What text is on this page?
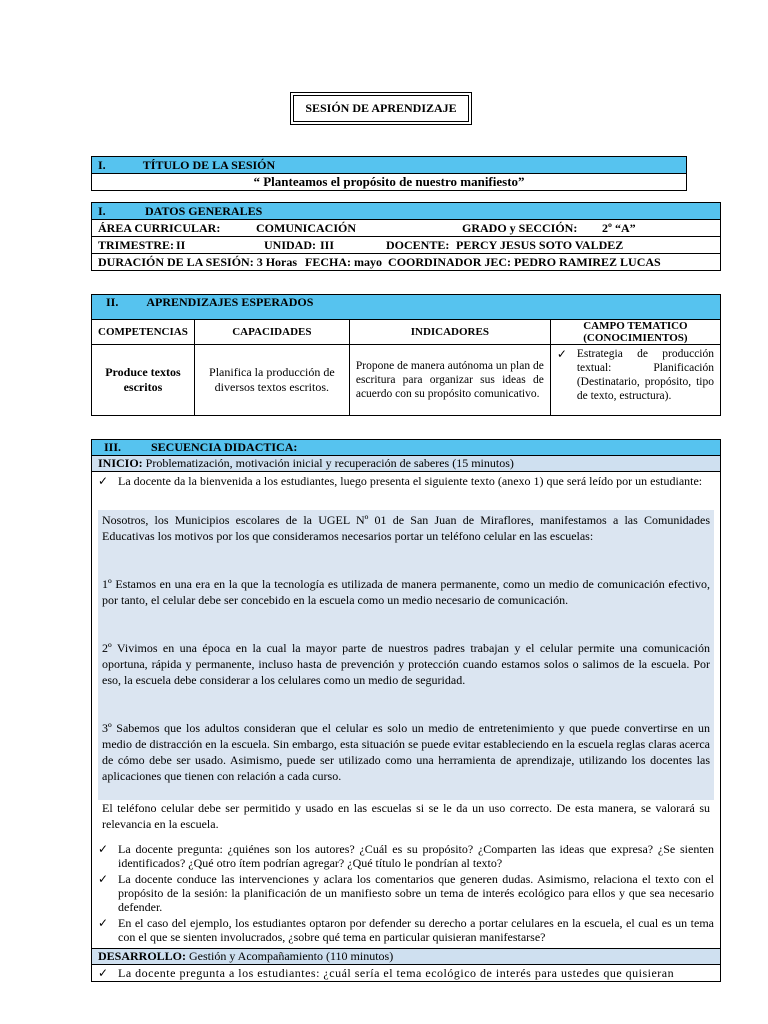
SESIÓN DE APRENDIZAJE
I.	TÍTULO DE LA SESIÓN
“ Planteamos el propósito de nuestro manifiesto”
I.	DATOS GENERALES

ÁREA CURRICULAR:	COMUNICACIÓN	GRADO y SECCIÓN:	2º “A”

TRIMESTRE: II	UNIDAD: III	DOCENTE: PERCY JESUS SOTO VALDEZ

DURACIÓN DE LA SESIÓN: 3 Horas FECHA: mayo COORDINADOR JEC: PEDRO RAMIREZ LUCAS
II. APRENDIZAJES ESPERADOS			
COMPETENCIAS	CAPACIDADES	INDICADORES	CAMPO TEMATICO (CONOCIMIENTOS)
Produce textos escritos	Planifica la producción de diversos textos escritos.	Propone de manera autónoma un plan de escritura para organizar sus ideas de acuerdo con su propósito comunicativo.	✓ Estrategia de producción textual: Planificación (Destinatario, propósito, tipo de texto, estructura).
III. SECUENCIA DIDACTICA:
INICIO: Problematización, motivación inicial y recuperación de saberes (15 minutos)

✓ La docente da la bienvenida a los estudiantes, luego presenta el siguiente texto (anexo 1) que será leído por un estudiante:
Nosotros, los Municipios escolares de la UGEL Nº 01 de San Juan de Miraflores, manifestamos a las Comunidades Educativas los motivos por los que consideramos necesarios portar un teléfono celular en las escuelas:
1º Estamos en una era en la que la tecnología es utilizada de manera permanente, como un medio de comunicación efectivo, por tanto, el celular debe ser concebido en la escuela como un medio necesario de comunicación.
2º Vivimos en una época en la cual la mayor parte de nuestros padres trabajan y el celular permite una comunicación oportuna, rápida y permanente, incluso hasta de prevención y protección cuando estamos solos o salimos de la escuela. Por eso, la escuela debe considerar a los celulares como un medio de seguridad.
3º Sabemos que los adultos consideran que el celular es solo un medio de entretenimiento y que puede convertirse en un medio de distracción en la escuela. Sin embargo, esta situación se puede evitar estableciendo en la escuela reglas claras acerca de cómo debe ser usado. Asimismo, puede ser utilizado como una herramienta de aprendizaje, utilizando los docentes las aplicaciones que tienen con relación a cada curso.
El teléfono celular debe ser permitido y usado en las escuelas si se le da un uso correcto. De esta manera, se valorará su relevancia en la escuela.
✓ La docente pregunta: ¿quiénes son los autores? ¿Cuál es su propósito? ¿Comparten las ideas que expresa? ¿Se sienten identificados? ¿Qué otro ítem podrían agregar? ¿Qué título le pondrían al texto?
✓ La docente conduce las intervenciones y aclara los comentarios que generen dudas. Asimismo, relaciona el texto con el propósito de la sesión: la planificación de un manifiesto sobre un tema de interés ecológico para ellos y que sea necesario defender.
✓ En el caso del ejemplo, los estudiantes optaron por defender su derecho a portar celulares en la escuela, el cual es un tema con el que se sienten involucrados, ¿sobre qué tema en particular quisieran manifestarse?

DESARROLLO: Gestión y Acompañamiento (110 minutos)

✓ La docente pregunta a los estudiantes: ¿cuál sería el tema ecológico de interés para ustedes que quisieran
